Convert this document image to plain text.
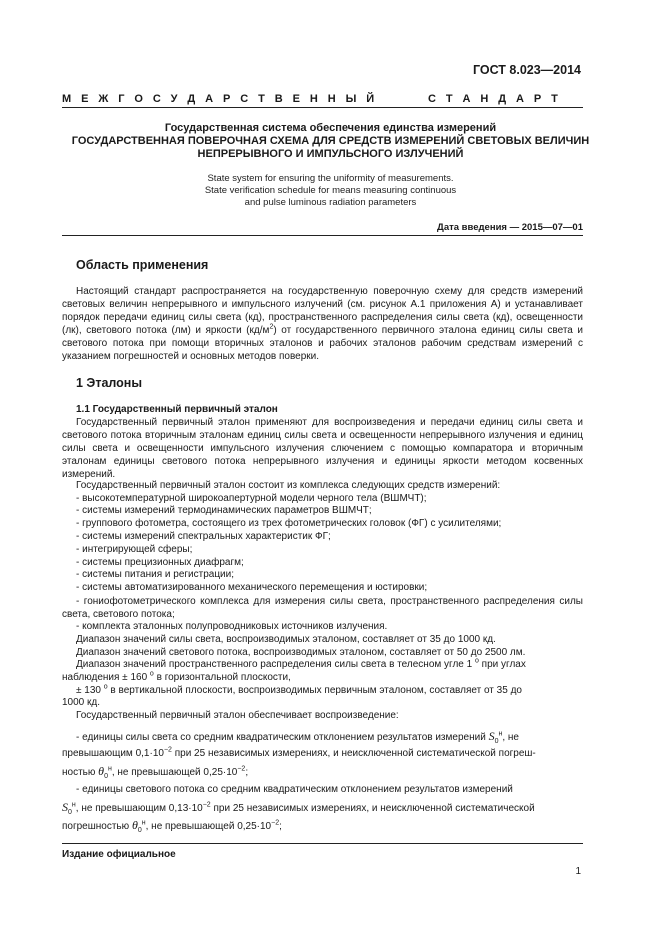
ГОСТ 8.023—2014
М Е Ж Г О С У Д А Р С Т В Е Н Н Ы Й	С Т А Н Д А Р Т
Государственная система обеспечения единства измерений
ГОСУДАРСТВЕННАЯ ПОВЕРОЧНАЯ СХЕМА ДЛЯ СРЕДСТВ ИЗМЕРЕНИЙ СВЕТОВЫХ ВЕЛИЧИН
НЕПРЕРЫВНОГО И ИМПУЛЬСНОГО ИЗЛУЧЕНИЙ
State system for ensuring the uniformity of measurements.
State verification schedule for means measuring continuous
and pulse luminous radiation parameters
Дата введения — 2015—07—01
Область применения
Настоящий стандарт распространяется на государственную поверочную схему для средств измерений световых величин непрерывного и импульсного излучений (см. рисунок А.1 приложения А) и устанавливает порядок передачи единиц силы света (кд), пространственного распределения силы света (кд), освещенности (лк), светового потока (лм) и яркости $(кд/м^2)$ от государственного первичного эталона единиц силы света и светового потока при помощи вторичных эталонов и рабочих эталонов рабочим средствам измерений с указанием погрешностей и основных методов поверки.
1 Эталоны
1.1 Государственный первичный эталон
Государственный первичный эталон применяют для воспроизведения и передачи единиц силы света и светового потока вторичным эталонам единиц силы света и освещенности непрерывного излучения и единиц силы света и освещенности импульсного излучения слючением с помощью компаратора и вторичным эталонам единицы светового потока непрерывного излучения и единицы яркости методом косвенных измерений.
Государственный первичный эталон состоит из комплекса следующих средств измерений:
- высокотемпературной широкоапертурной модели черного тела (ВШМЧТ);
- системы измерений термодинамических параметров ВШМЧТ;
- группового фотометра, состоящего из трех фотометрических головок (ФГ) с усилителями;
- системы измерений спектральных характеристик ФГ;
- интегрирующей сферы;
- системы прецизионных диафрагм;
- системы питания и регистрации;
- системы автоматизированного механического перемещения и юстировки;
- гониофотометрического комплекса для измерения силы света, пространственного распределения силы света, светового потока;
- комплекта эталонных полупроводниковых источников излучения.
Диапазон значений силы света, воспроизводимых эталоном, составляет от 35 до 1000 кд.
Диапазон значений светового потока, воспроизводимых эталоном, составляет от 50 до 2500 лм.
Диапазон значений пространственного распределения силы света в телесном угле 1 $^о$ при углах
наблюдения ± 160 $^о$ в горизонтальной плоскости,
± 130 $^о$ в вертикальной плоскости, воспроизводимых первичным эталоном, составляет от 35 до
1000 кд.
Государственный первичный эталон обеспечивает воспроизведение:
- единицы силы света со средним квадратическим отклонением результатов измерений $S_0^н$, не
превышающим $0,1\cdot 10^{-2}$ при 25 независимых измерениях, и неисключенной систематической погреш-
ностью $\theta_0^н$, не превышающей $0,25\cdot 10^{-2}$;
- единицы светового потока со средним квадратическим отклонением результатов измерений
$S_0^н$, не превышающим $0,13\cdot 10^{-2}$ при 25 независимых измерениях, и неисключенной систематической
погрешностью $\theta_0^н$, не превышающей $0,25\cdot 10^{-2}$;
Издание официальное
1
